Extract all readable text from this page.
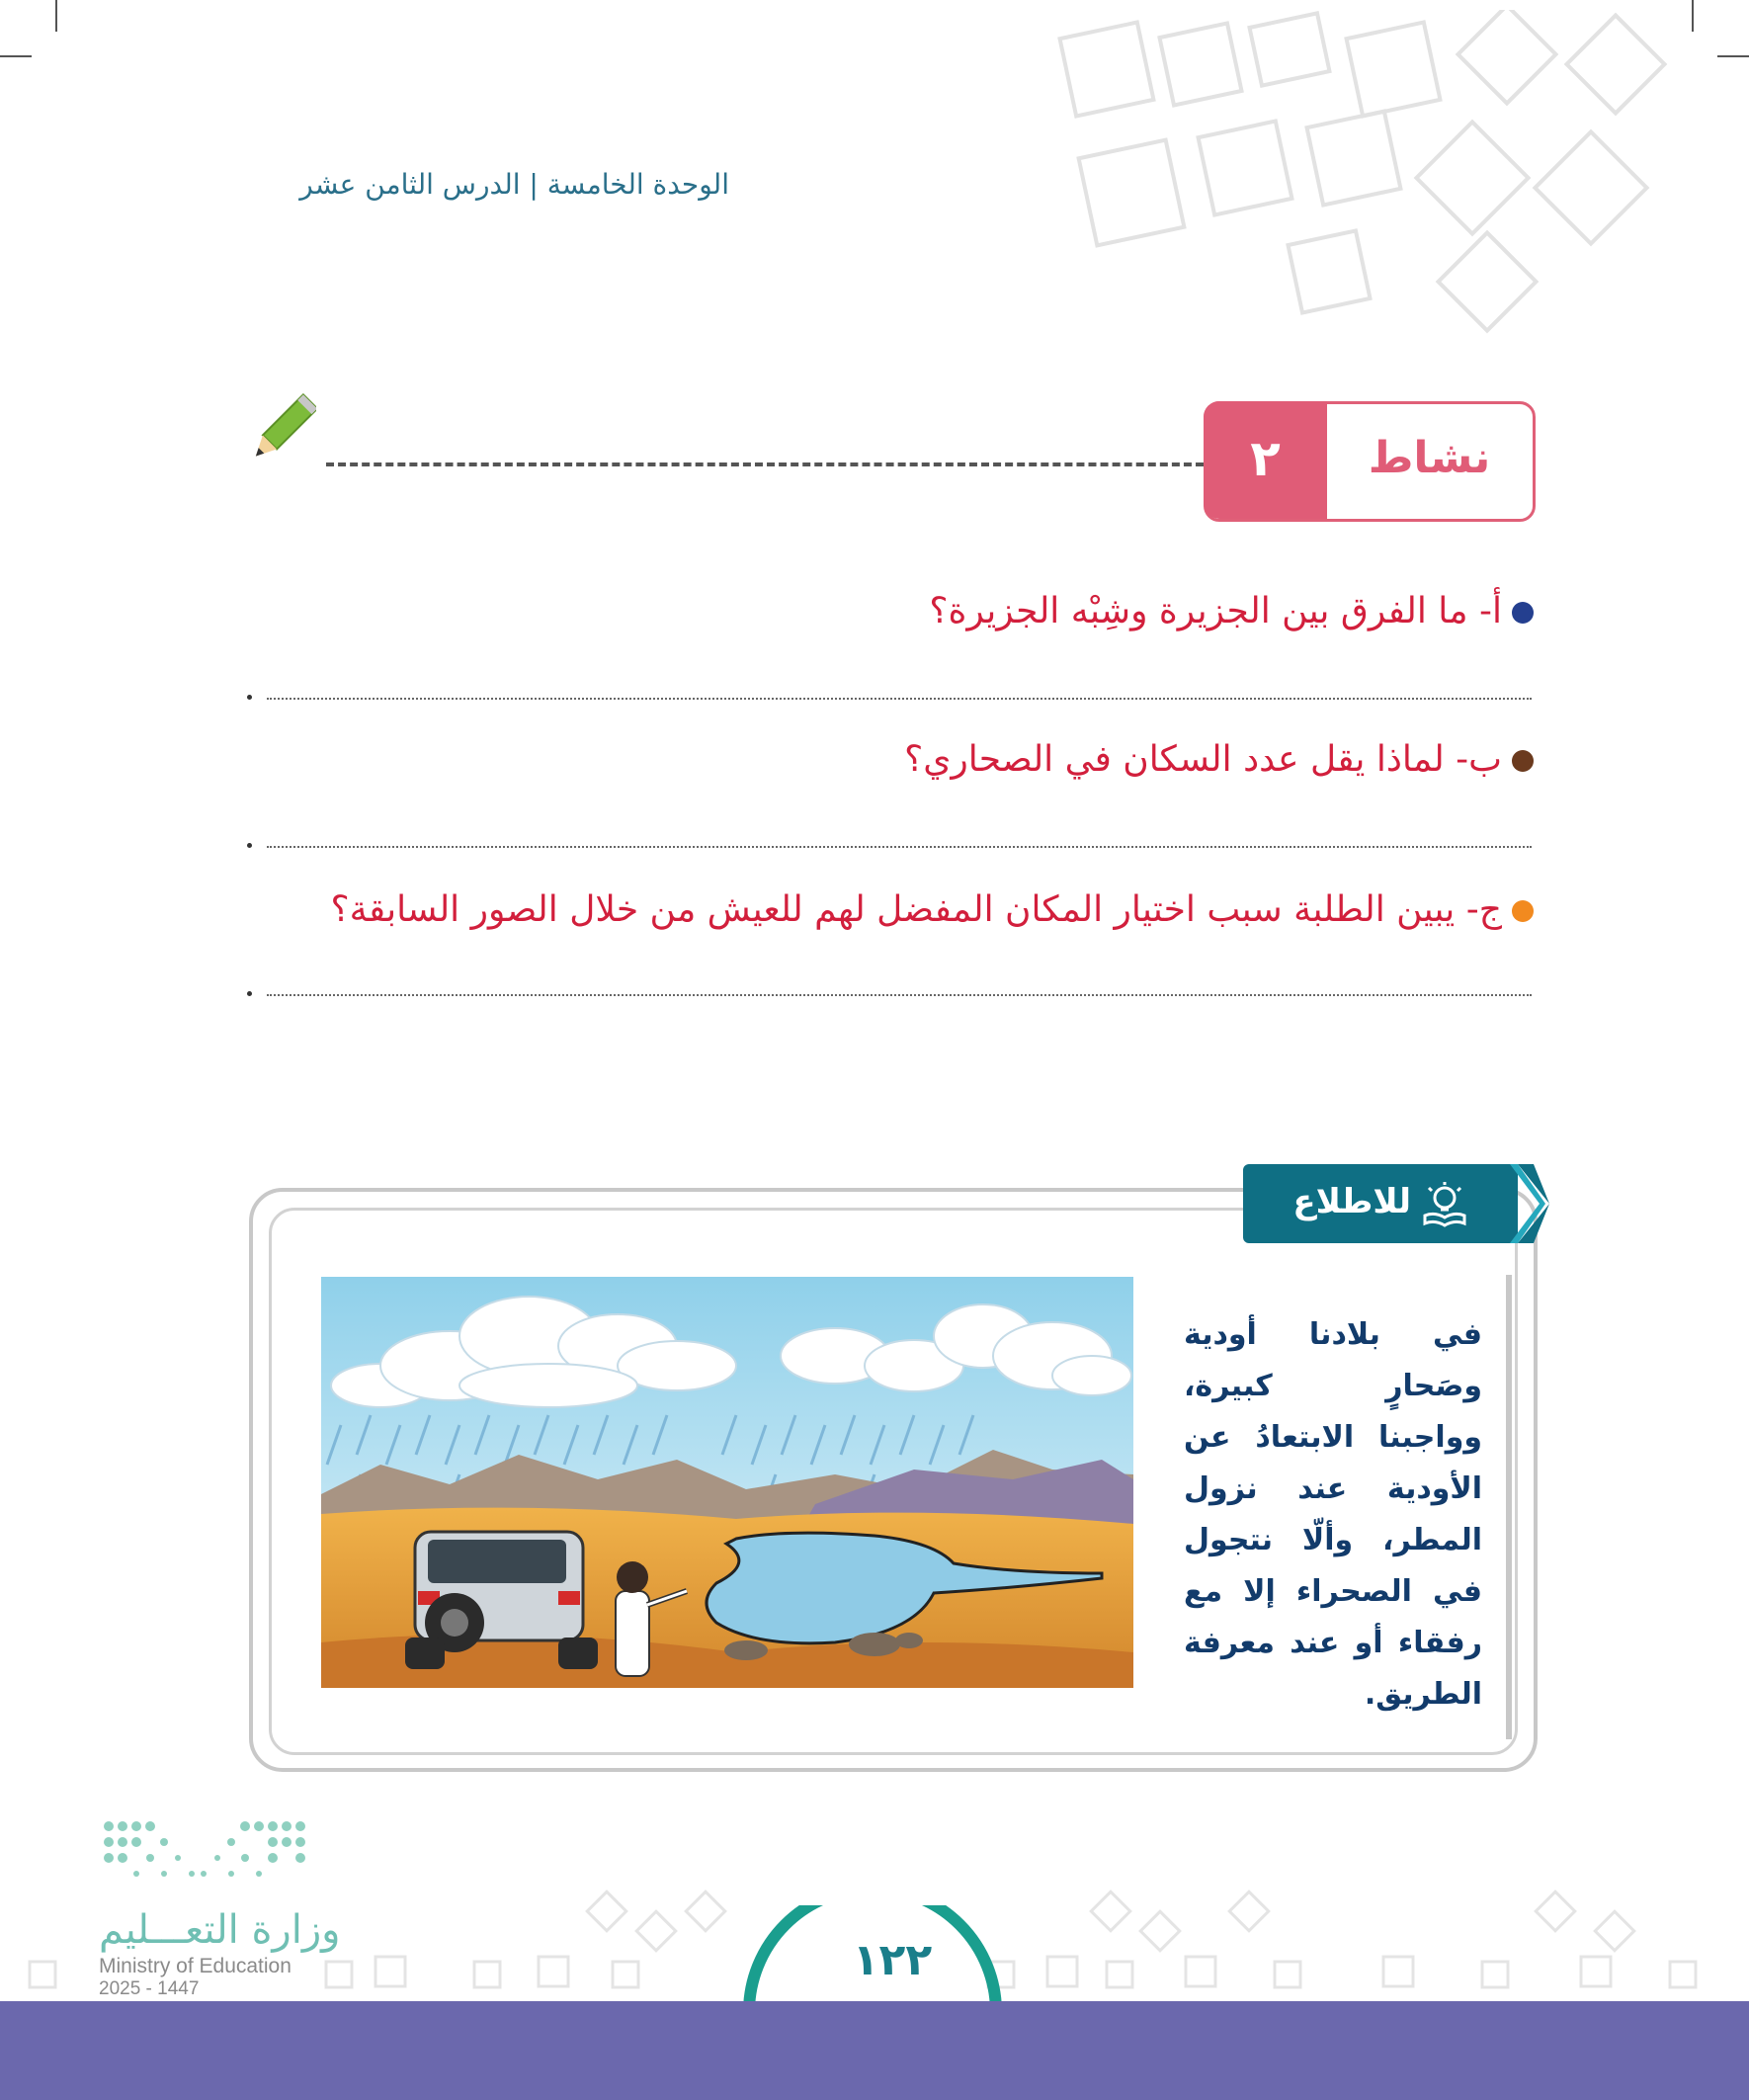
الوحدة الخامسة | الدرس الثامن عشر
٢	نشاط
أ- ما الفرق بين الجزيرة وشِبْه الجزيرة؟
ب- لماذا يقل عدد السكان في الصحاري؟
ج- يبين الطلبة سبب اختيار المكان المفضل لهم للعيش من خلال الصور السابقة؟
للاطلاع
في بلادنا أودية وصَحارٍ كبيرة، وواجبنا الابتعادُ عن الأودية عند نزول المطر، وألّا نتجول في الصحراء إلا مع رفقاء أو عند معرفة الطريق.
١٢٢
وزارة التعـــليم
Ministry of Education
2025 - 1447
